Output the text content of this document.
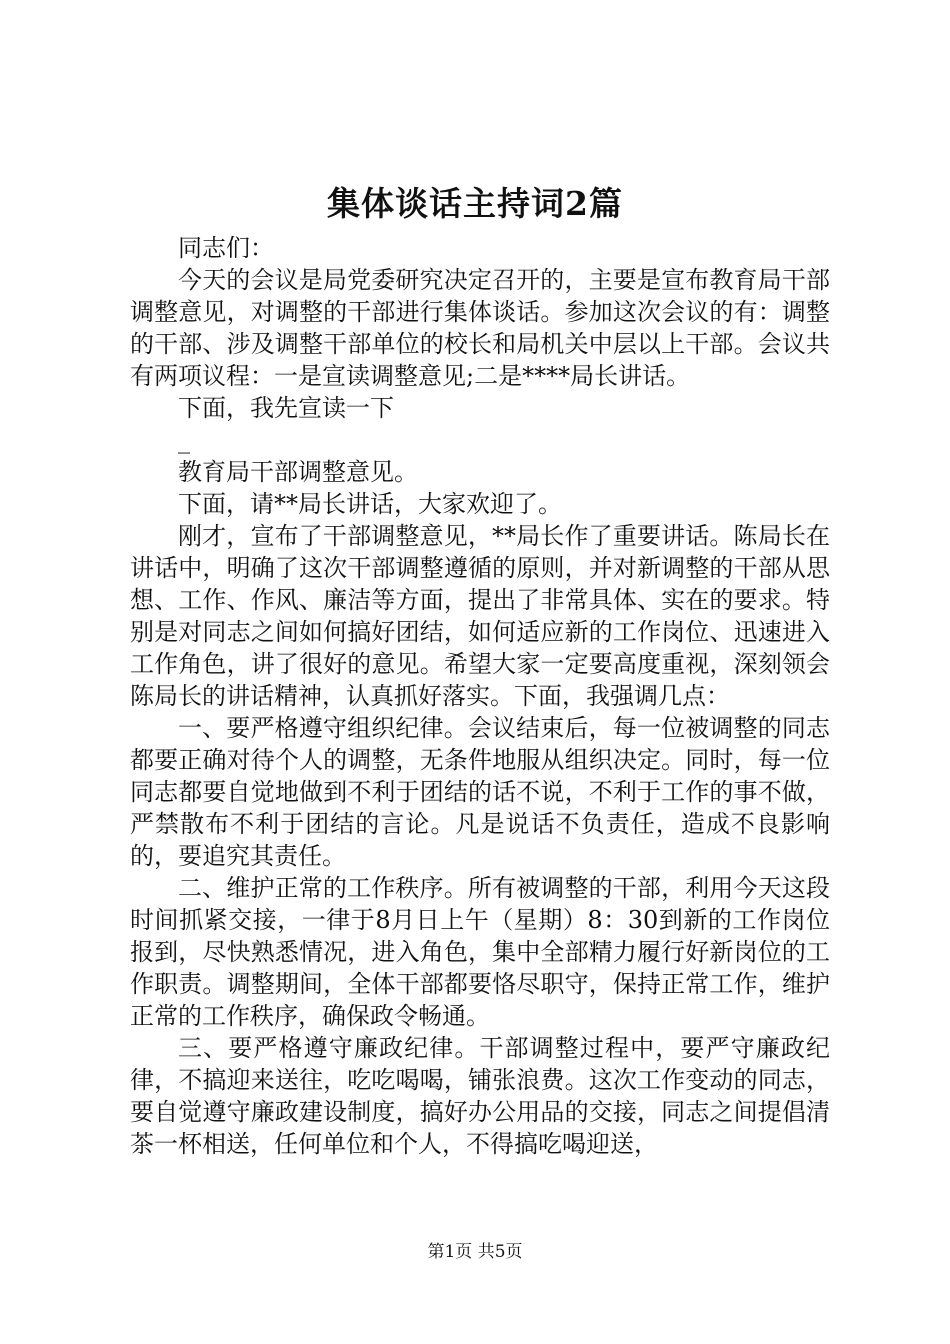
集体谈话主持词2篇

同志们：

今天的会议是局党委研究决定召开的，主要是宣布教育局干部调整意见，对调整的干部进行集体谈话。参加这次会议的有：调整的干部、涉及调整干部单位的校长和局机关中层以上干部。会议共有两项议程：一是宣读调整意见;二是****局长讲话。

下面，我先宣读一下

_

教育局干部调整意见。

下面，请**局长讲话，大家欢迎了。

刚才，宣布了干部调整意见，**局长作了重要讲话。陈局长在讲话中，明确了这次干部调整遵循的原则，并对新调整的干部从思想、工作、作风、廉洁等方面，提出了非常具体、实在的要求。特别是对同志之间如何搞好团结，如何适应新的工作岗位、迅速进入工作角色，讲了很好的意见。希望大家一定要高度重视，深刻领会陈局长的讲话精神，认真抓好落实。下面，我强调几点：

一、要严格遵守组织纪律。会议结束后，每一位被调整的同志都要正确对待个人的调整，无条件地服从组织决定。同时，每一位同志都要自觉地做到不利于团结的话不说，不利于工作的事不做，严禁散布不利于团结的言论。凡是说话不负责任，造成不良影响的，要追究其责任。

二、维护正常的工作秩序。所有被调整的干部，利用今天这段时间抓紧交接，一律于8月日上午（星期）8：30到新的工作岗位报到，尽快熟悉情况，进入角色，集中全部精力履行好新岗位的工作职责。调整期间，全体干部都要恪尽职守，保持正常工作，维护正常的工作秩序，确保政令畅通。

三、要严格遵守廉政纪律。干部调整过程中，要严守廉政纪律，不搞迎来送往，吃吃喝喝，铺张浪费。这次工作变动的同志，要自觉遵守廉政建设制度，搞好办公用品的交接，同志之间提倡清茶一杯相送，任何单位和个人，不得搞吃喝迎送，

第1页 共5页
